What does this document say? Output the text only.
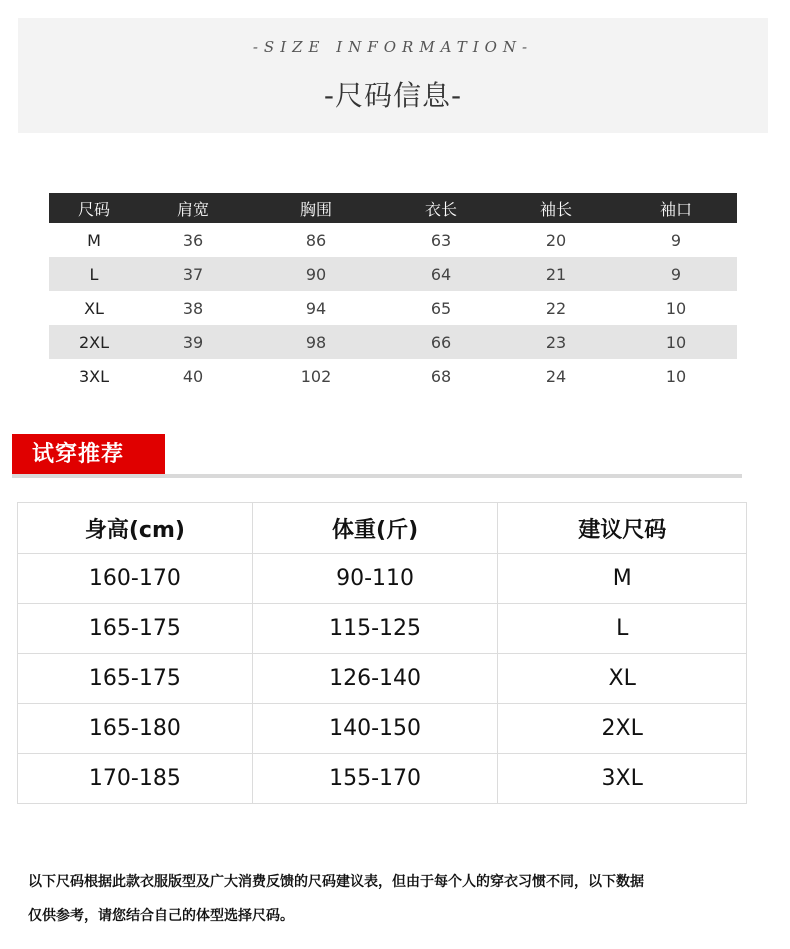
-SIZE INFORMATION-
-尺码信息-
尺码	肩宽	胸围	衣长	袖长	袖口
M	36	86	63	20	9
L	37	90	64	21	9
XL	38	94	65	22	10
2XL	39	98	66	23	10
3XL	40	102	68	24	10
试穿推荐
身高(cm)	体重(斤)	建议尺码
160-170	90-110	M
165-175	115-125	L
165-175	126-140	XL
165-180	140-150	2XL
170-185	155-170	3XL
以下尺码根据此款衣服版型及广大消费反馈的尺码建议表，但由于每个人的穿衣习惯不同，以下数据
仅供参考，请您结合自己的体型选择尺码。
